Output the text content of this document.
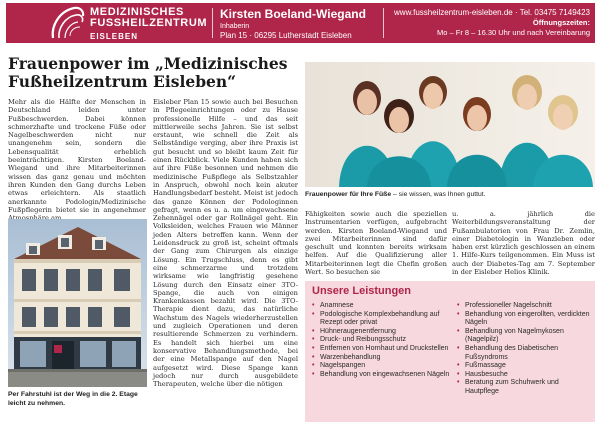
MEDIZINISCHES
FUSSHEILZENTRUM
EISLEBEN
Kirsten Boeland-Wiegand
Inhaberin
Plan 15 · 06295 Lutherstadt Eisleben
www.fussheilzentrum-eisleben.de · Tel. 03475 7149423
Öffnungszeiten:
Mo – Fr 8 – 16.30 Uhr und nach Vereinbarung
Frauenpower im „Medizinisches Fußheilzentrum Eisleben“

Mehr als die Hälfte der Menschen in Deutschland leiden unter Fußbeschwerden. Dabei können schmerzhafte und trockene Füße oder Nagelbeschwerden nicht nur unangenehm sein, sondern die Lebensqualität erheblich beeinträchtigen. Kirsten Boeland-Wiegand und ihre Mitarbeiterinnen wissen das ganz genau und möchten ihren Kunden den Gang durchs Leben etwas erleichtern. Als staatlich anerkannte Podologin/Medizinische Fußpflegerin bietet sie in angenehmer

Eisleber Plan 15 sowie auch bei Besuchen in Pflegeeinrichtungen oder zu Hause professionelle Hilfe – und das seit mittlerweile sechs Jahren. Sie ist selbst erstaunt, wie schnell die Zeit als Selbständige verging, aber ihre Praxis ist gut besucht und so bleibt kaum Zeit für einen Rückblick. Viele Kunden haben sich auf ihre Füße besonnen und nehmen die medizinische Fußpflege als Selbstzahler in Anspruch, obwohl noch kein akuter Handlungsbedarf besteht. Meist ist jedoch das ganze Können der Podologinnen gefragt, wenn es u. a. um eingewachsene Zehennägel oder gar Rollnägel geht. Ein Volksleiden, welches Frauen wie Männer jeden Alters betreffen kann. Wenn der Leidensdruck zu groß ist, scheint oftmals der Gang zum Chirurgen als einzige Lösung. Ein Trugschluss, denn es gibt eine schmerzarme und trotzdem wirksame wie langfristig gesehene Lösung durch den Einsatz einer 3TO-Spange, die auch von einigen Krankenkassen bezahlt wird. Die 3TO-Therapie dient dazu, das natürliche Wachstum des Nagels wiederherzustellen und zugleich Operationen und deren resultierende Schmerzen zu verhindern. Es handelt sich hierbei um eine konservative Behandlungsmethode, bei der eine Metallspange auf den Nagel aufgesetzt wird. Diese Spange kann jedoch nur durch ausgebildete Therapeuten, welche über die nötigen

Per Fahrstuhl ist der Weg in die 2. Etage leicht zu nehmen.
Frauenpower für Ihre Füße – sie wissen, was Ihnen guttut.

Fähigkeiten sowie auch die speziellen Instrumentarien verfügen, aufgebracht werden. Kirsten Boeland-Wiegand und zwei Mitarbeiterinnen sind dafür geschult und konnten bereits wirksam helfen. Auf die Qualifizierung aller Mitarbeiterinnen legt die Chefin großen Wert. So besuchen sie

u. a. jährlich die Weiterbildungsveranstaltung der Fußambulatorien von Frau Dr. Zemlin, einer Diabetologin in Wanzleben oder haben erst kürzlich geschlossen an einem 1. Hilfe-Kurs teilgenommen. Ein Muss ist auch der Diabetes-Tag am 7. September in der Eisleber Helios Klinik.

Unsere Leistungen
• Anamnese
• Podologische Komplexbehandlung auf Rezept oder privat
• Hühneraugenentfernung
• Druck- und Reibungsschutz
• Entfernen von Hornhaut und Druckstellen
• Warzenbehandlung
• Nagelspangen
• Behandlung von eingewachsenen Nägeln
• Professioneller Nagelschnitt
• Behandlung von eingerollten, verdickten Nägeln
• Behandlung von Nagelmykosen (Nagelpilz)
• Behandlung des Diabetischen Fußsyndroms
• Fußmassage
• Hausbesuche
• Beratung zum Schuhwerk und Hautpflege
